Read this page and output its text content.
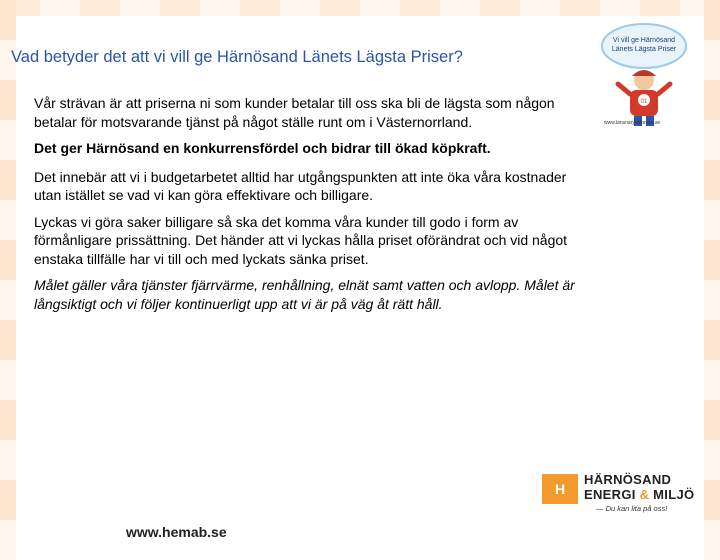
Vad betyder det att vi vill ge Härnösand Länets Lägsta Priser?

Vår strävan är att priserna ni som kunder betalar till oss ska bli de lägsta som någon betalar för motsvarande tjänst på något ställe runt om i Västernorrland.

Det ger Härnösand en konkurrensfördel och bidrar till ökad köpkraft.

Det innebär att vi i budgetarbetet alltid har utgångspunkten att inte öka våra kostnader utan istället se vad vi kan göra effektivare och billigare.

Lyckas vi göra saker billigare så ska det komma våra kunder till godo i form av förmånligare prissättning. Det händer att vi lyckas hålla priset oförändrat och vid något enstaka tillfälle har vi till och med lyckats sänka priset.

Målet gäller våra tjänster fjärrvärme, renhållning, elnät samt vatten och avlopp. Målet är långsiktigt och vi följer kontinuerligt upp att vi är på väg åt rätt håll.

Vi vill ge Härnösand
Länets Lägsta Priser
01
www.lansnaryvalpriser.se
H
HÄRNÖSAND
ENERGI & MILJÖ
— Du kan lita på oss!
www.hemab.se
